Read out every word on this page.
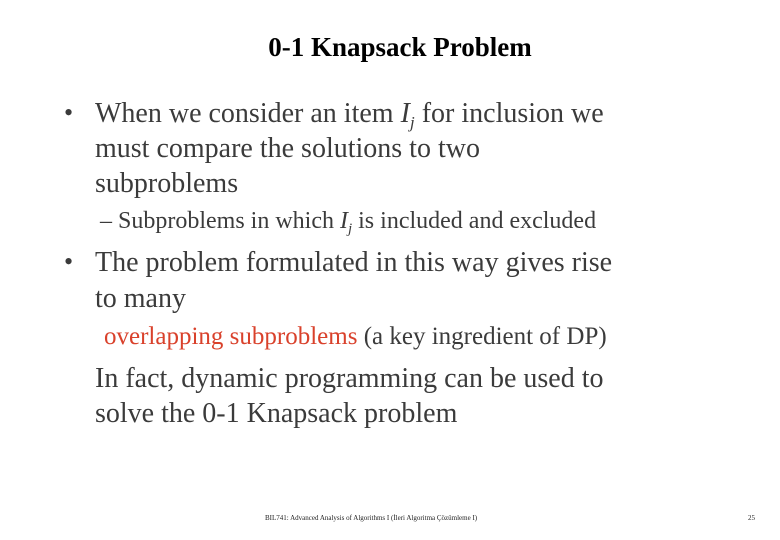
0-1 Knapsack Problem
• When we consider an item $I_j$ for inclusion we
must compare the solutions to two
subproblems
– Subproblems in which $I_j$ is included and excluded
• The problem formulated in this way gives rise
to many
overlapping subproblems (a key ingredient of DP)
In fact, dynamic programming can be used to
solve the 0-1 Knapsack problem
BIL741: Advanced Analysis of Algorithms I (İleri Algoritma Çözümleme I)	25
